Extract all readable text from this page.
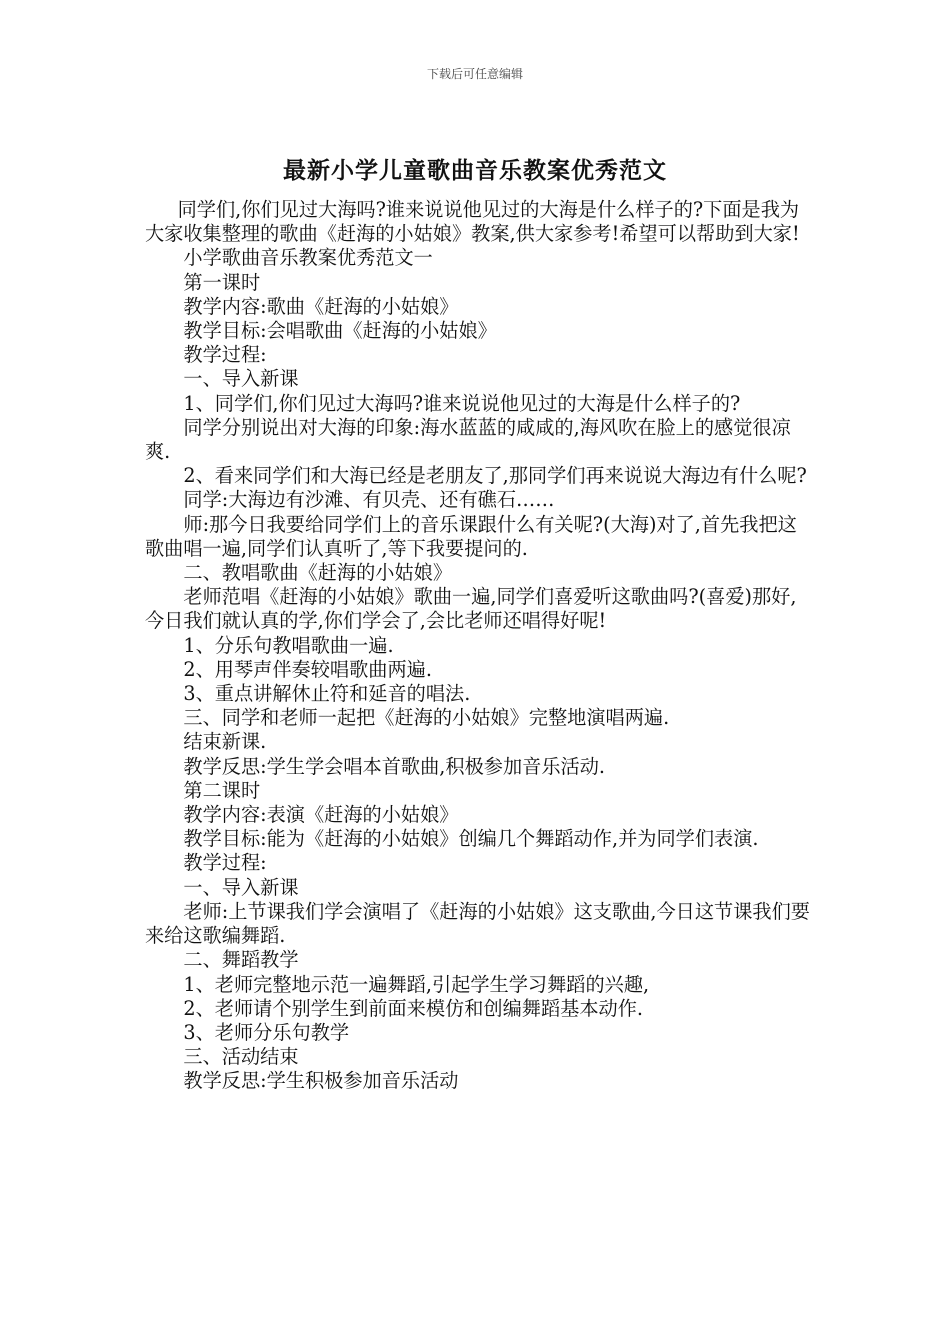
下载后可任意编辑
最新小学儿童歌曲音乐教案优秀范文

同学们,你们见过大海吗?谁来说说他见过的大海是什么样子的?下面是我为大家收集整理的歌曲《赶海的小姑娘》教案,供大家参考!希望可以帮助到大家!

小学歌曲音乐教案优秀范文一

第一课时

教学内容:歌曲《赶海的小姑娘》

教学目标:会唱歌曲《赶海的小姑娘》

教学过程:

一、导入新课

1、同学们,你们见过大海吗?谁来说说他见过的大海是什么样子的?

同学分别说出对大海的印象:海水蓝蓝的咸咸的,海风吹在脸上的感觉很凉爽.

2、看来同学们和大海已经是老朋友了,那同学们再来说说大海边有什么呢?

同学:大海边有沙滩、有贝壳、还有礁石……

师:那今日我要给同学们上的音乐课跟什么有关呢?(大海)对了,首先我把这歌曲唱一遍,同学们认真听了,等下我要提问的.

二、教唱歌曲《赶海的小姑娘》

老师范唱《赶海的小姑娘》歌曲一遍,同学们喜爱听这歌曲吗?(喜爱)那好,今日我们就认真的学,你们学会了,会比老师还唱得好呢!

1、分乐句教唱歌曲一遍.

2、用琴声伴奏较唱歌曲两遍.

3、重点讲解休止符和延音的唱法.

三、同学和老师一起把《赶海的小姑娘》完整地演唱两遍.

结束新课.

教学反思:学生学会唱本首歌曲,积极参加音乐活动.

第二课时

教学内容:表演《赶海的小姑娘》

教学目标:能为《赶海的小姑娘》创编几个舞蹈动作,并为同学们表演.

教学过程:

一、导入新课

老师:上节课我们学会演唱了《赶海的小姑娘》这支歌曲,今日这节课我们要来给这歌编舞蹈.

二、舞蹈教学

1、老师完整地示范一遍舞蹈,引起学生学习舞蹈的兴趣,

2、老师请个别学生到前面来模仿和创编舞蹈基本动作.

3、老师分乐句教学

三、活动结束

教学反思:学生积极参加音乐活动
